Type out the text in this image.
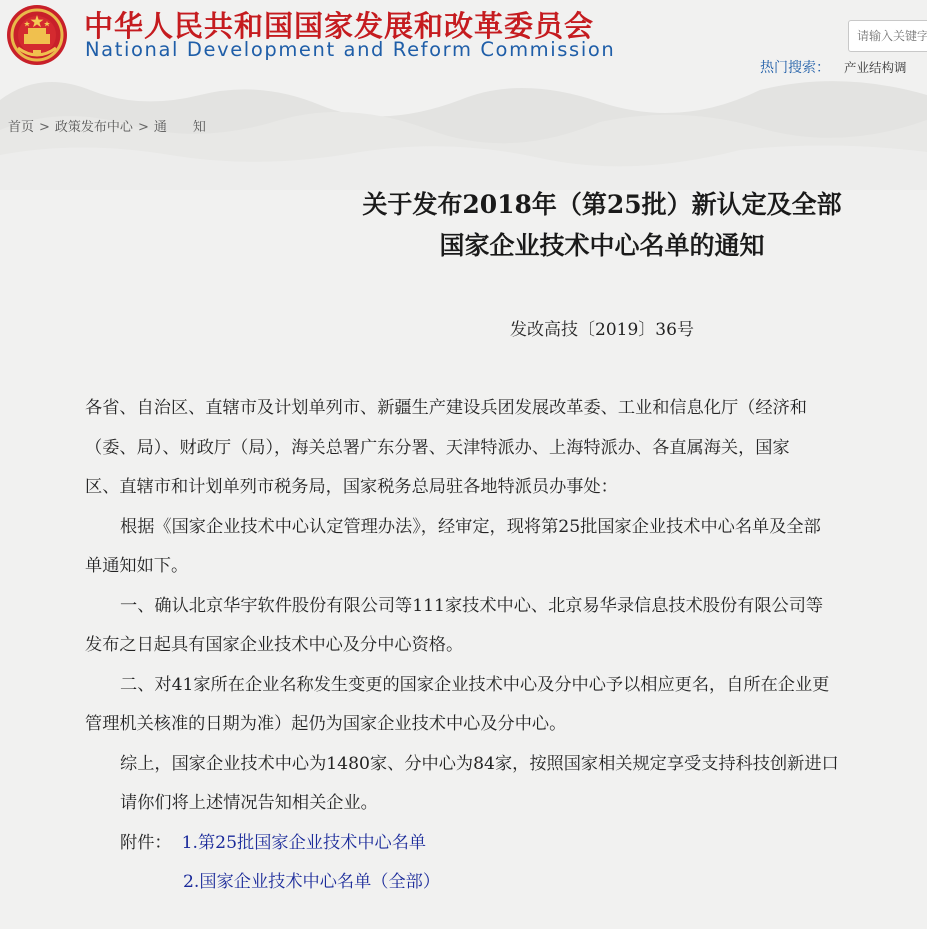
中华人民共和国国家发展和改革委员会
National Development and Reform Commission
请输入关键字
热门搜索： 产业结构调
首页 > 政策发布中心 > 通知
关于发布2018年（第25批）新认定及全部
国家企业技术中心名单的通知
发改高技〔2019〕36号
各省、自治区、直辖市及计划单列市、新疆生产建设兵团发展改革委、工业和信息化厅（经济和
（委、局）、财政厅（局），海关总署广东分署、天津特派办、上海特派办、各直属海关，国家
区、直辖市和计划单列市税务局，国家税务总局驻各地特派员办事处：
根据《国家企业技术中心认定管理办法》，经审定，现将第25批国家企业技术中心名单及全部
单通知如下。
一、确认北京华宇软件股份有限公司等111家技术中心、北京易华录信息技术股份有限公司等
发布之日起具有国家企业技术中心及分中心资格。
二、对41家所在企业名称发生变更的国家企业技术中心及分中心予以相应更名，自所在企业更
管理机关核准的日期为准）起仍为国家企业技术中心及分中心。
综上，国家企业技术中心为1480家、分中心为84家，按照国家相关规定享受支持科技创新进口
请你们将上述情况告知相关企业。
附件： 1.第25批国家企业技术中心名单
2.国家企业技术中心名单（全部）
